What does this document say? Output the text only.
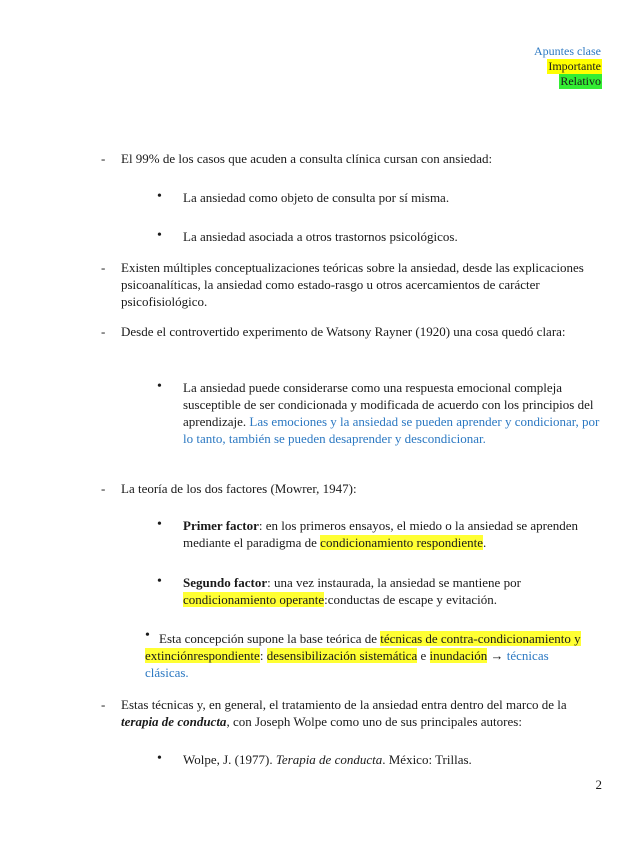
Apuntes clase
Importante
Relativo
- El 99% de los casos que acuden a consulta clínica cursan con ansiedad:
• La ansiedad como objeto de consulta por sí misma.
• La ansiedad asociada a otros trastornos psicológicos.
- Existen múltiples conceptualizaciones teóricas sobre la ansiedad, desde las explicaciones psicoanalíticas, la ansiedad como estado-rasgo u otros acercamientos de carácter psicofisiológico.
- Desde el controvertido experimento de Watsony Rayner (1920) una cosa quedó clara:
• La ansiedad puede considerarse como una respuesta emocional compleja susceptible de ser condicionada y modificada de acuerdo con los principios del aprendizaje. Las emociones y la ansiedad se pueden aprender y condicionar, por lo tanto, también se pueden desaprender y descondicionar.
- La teoría de los dos factores (Mowrer, 1947):
• Primer factor: en los primeros ensayos, el miedo o la ansiedad se aprenden mediante el paradigma de condicionamiento respondiente.
• Segundo factor: una vez instaurada, la ansiedad se mantiene por condicionamiento operante:conductas de escape y evitación.
• Esta concepción supone la base teórica de técnicas de contra-condicionamiento y extinciónrespondiente: desensibilización sistemática e inundación → técnicas clásicas.
- Estas técnicas y, en general, el tratamiento de la ansiedad entra dentro del marco de la terapia de conducta, con Joseph Wolpe como uno de sus principales autores:
• Wolpe, J. (1977). Terapia de conducta. México: Trillas.
2
